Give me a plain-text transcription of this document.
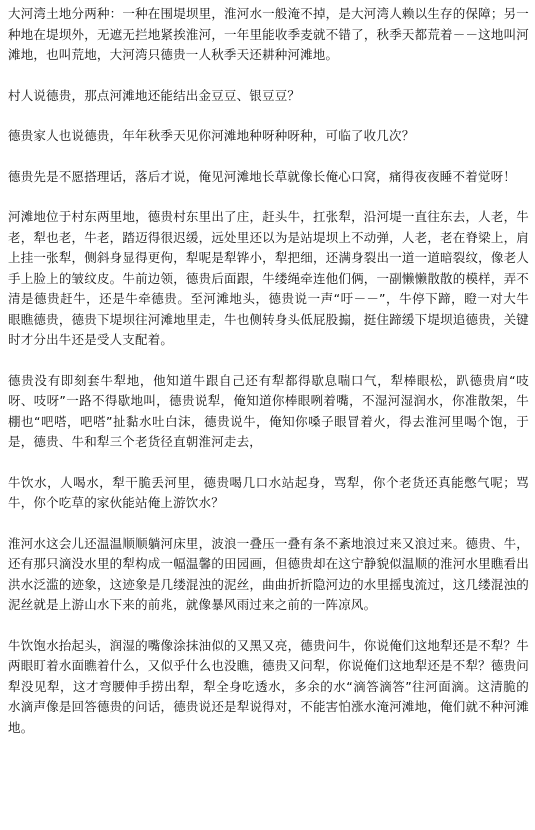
大河湾土地分两种：一种在围堤坝里，淮河水一般淹不掉，是大河湾人赖以生存的保障；另一种地在堤坝外，无遮无拦地紧挨淮河，一年里能收季麦就不错了，秋季天都荒着－－这地叫河滩地，也叫荒地，大河湾只德贵一人秋季天还耕种河滩地。

村人说德贵，那点河滩地还能结出金豆豆、银豆豆？

德贵家人也说德贵，年年秋季天见你河滩地种呀种呀种，可临了收几次？

德贵先是不愿搭理话，落后才说，俺见河滩地长草就像长俺心口窝，痛得夜夜睡不着觉呀！

河滩地位于村东两里地，德贵村东里出了庄，赶头牛，扛张犁，沿河堤一直往东去，人老，牛老，犁也老，牛老，踏迈得很迟缓，远处里还以为是站堤坝上不动弹，人老，老在脊梁上，肩上挂一张犁，侧斜身显得更佝，犁呢是犁铧小，犁把细，还满身裂出一道一道暗裂纹，像老人手上脸上的皱纹皮。牛前边领，德贵后面跟，牛缕绳牵连他们俩，一副懒懒散散的模样，弄不清是德贵赶牛，还是牛牵德贵。至河滩地头，德贵说一声“吁－－”，牛停下蹄，瞪一对大牛眼瞧德贵，德贵下堤坝往河滩地里走，牛也侧转身头低屁股搧，挺住蹄缓下堤坝追德贵，关键时才分出牛还是受人支配着。

德贵没有即刻套牛犁地，他知道牛跟自己还有犁都得歇息喘口气，犁棒眼松，趴德贵肩“吱呀、吱呀”一路不得歇地叫，德贵说犁，俺知道你棒眼咧着嘴，不湿河湿润水，你准散架，牛棚也“吧嗒，吧嗒”扯黏水吐白沫，德贵说牛，俺知你嗓子眼冒着火，得去淮河里喝个饱，于是，德贵、牛和犁三个老货径直朝淮河走去，

牛饮水，人喝水，犁干脆丢河里，德贵喝几口水站起身，骂犁，你个老货还真能憋气呢；骂牛，你个吃草的家伙能站俺上游饮水？

淮河水这会儿还温温顺顺躺河床里，波浪一叠压一叠有条不紊地浪过来又浪过来。德贵、牛，还有那只滴没水里的犁构成一幅温馨的田园画，但德贵却在这宁静貌似温顺的淮河水里瞧看出洪水泛滥的迹象，这迹象是几缕混浊的泥丝，曲曲折折隐河边的水里摇曳流过，这几缕混浊的泥丝就是上游山水下来的前兆，就像暴风雨过来之前的一阵凉风。

牛饮饱水抬起头，润湿的嘴像涂抹油似的又黑又亮，德贵问牛，你说俺们这地犁还是不犁？牛两眼盯着水面瞧着什么，又似乎什么也没瞧，德贵又问犁，你说俺们这地犁还是不犁？德贵问犁没见犁，这才弯腰伸手捞出犁，犁全身吃透水，多余的水“滴答滴答”往河面滴。这清脆的水滴声像是回答德贵的问话，德贵说还是犁说得对，不能害怕涨水淹河滩地，俺们就不种河滩地。
